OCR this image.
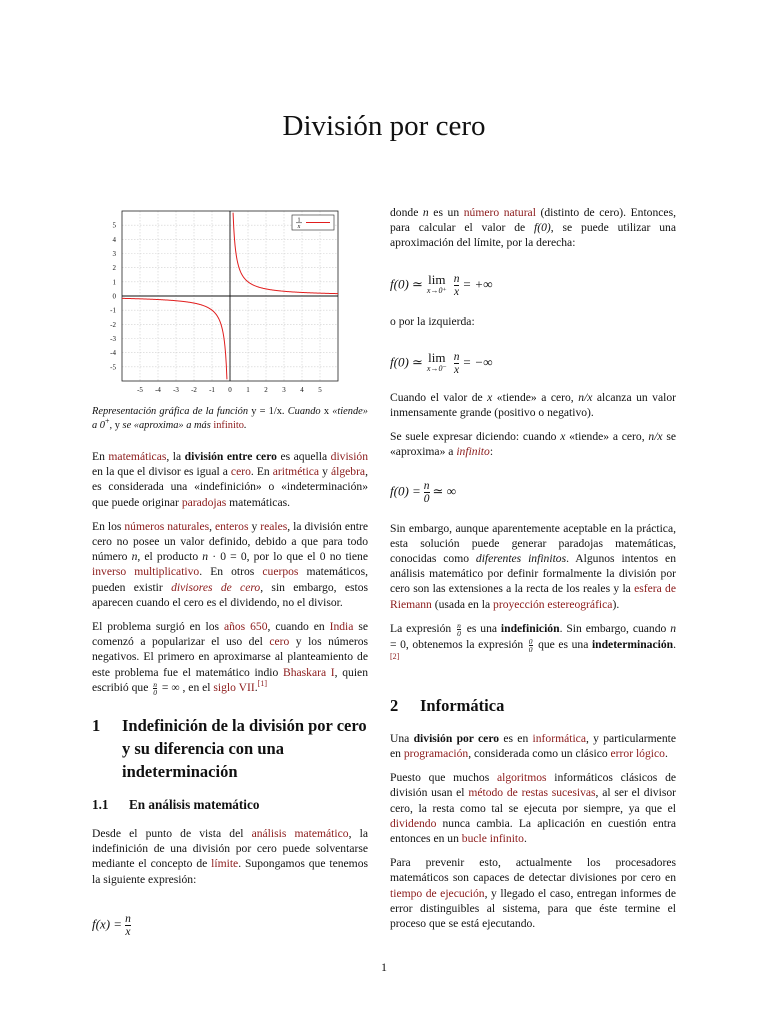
División por cero
-5 -4 -3 -2 -1 0 1 2 3 4 5
5
4
3
2
1
0
-1
-2
-3
-4
-5
1
x
Representación gráfica de la función y = 1/x. Cuando x «tiende» a 0+, y se «aproxima» a más infinito.

En matemáticas, la división entre cero es aquella división en la que el divisor es igual a cero. En aritmética y álgebra, es considerada una «indefinición» o «indeterminación» que puede originar paradojas matemáticas.

En los números naturales, enteros y reales, la división entre cero no posee un valor definido, debido a que para todo número n, el producto n · 0 = 0, por lo que el 0 no tiene inverso multiplicativo. En otros cuerpos matemáticos, pueden existir divisores de cero, sin embargo, estos aparecen cuando el cero es el dividendo, no el divisor.

El problema surgió en los años 650, cuando en India se comenzó a popularizar el uso del cero y los números negativos. El primero en aproximarse al planteamiento de este problema fue el matemático indio Bhaskara I, quien escribió que $\frac{n}{0}$ = ∞ , en el siglo VII.[1]

1	Indefinición de la división por cero y su diferencia con una indeterminación
1.1	En análisis matemático

Desde el punto de vista del análisis matemático, la indefinición de una división por cero puede solventarse mediante el concepto de límite. Supongamos que tenemos la siguiente expresión:

$f(x) = \frac{n}{x}$

donde n es un número natural (distinto de cero). Entonces, para calcular el valor de f(0), se puede utilizar una aproximación del límite, por la derecha:

f(0) ≃ lim
$x\to 0^+ \frac{n}{x}$ = +∞

o por la izquierda:

f(0) ≃ lim
$x\to 0^- \frac{n}{x}$ = −∞

Cuando el valor de x «tiende» a cero, n/x alcanza un valor inmensamente grande (positivo o negativo).

Se suele expresar diciendo: cuando x «tiende» a cero, n/x se «aproxima» a infinito:

$f(0) = \frac{n}{0}$ ≃ ∞

Sin embargo, aunque aparentemente aceptable en la práctica, esta solución puede generar paradojas matemáticas, conocidas como diferentes infinitos. Algunos intentos en análisis matemático por definir formalmente la división por cero son las extensiones a la recta de los reales y la esfera de Riemann (usada en la proyección estereográfica).

La expresión $\frac{n}{0}$ es una indefinición. Sin embargo, cuando n = 0, obtenemos la expresión $\frac{0}{0}$ que es una indeterminación.[2]

2	Informática

Una división por cero es en informática, y particularmente en programación, considerada como un clásico error lógico.

Puesto que muchos algoritmos informáticos clásicos de división usan el método de restas sucesivas, al ser el divisor cero, la resta como tal se ejecuta por siempre, ya que el dividendo nunca cambia. La aplicación en cuestión entra entonces en un bucle infinito.

Para prevenir esto, actualmente los procesadores matemáticos son capaces de detectar divisiones por cero en tiempo de ejecución, y llegado el caso, entregan informes de error distinguibles al sistema, para que éste termine el proceso que se está ejecutando.

1
